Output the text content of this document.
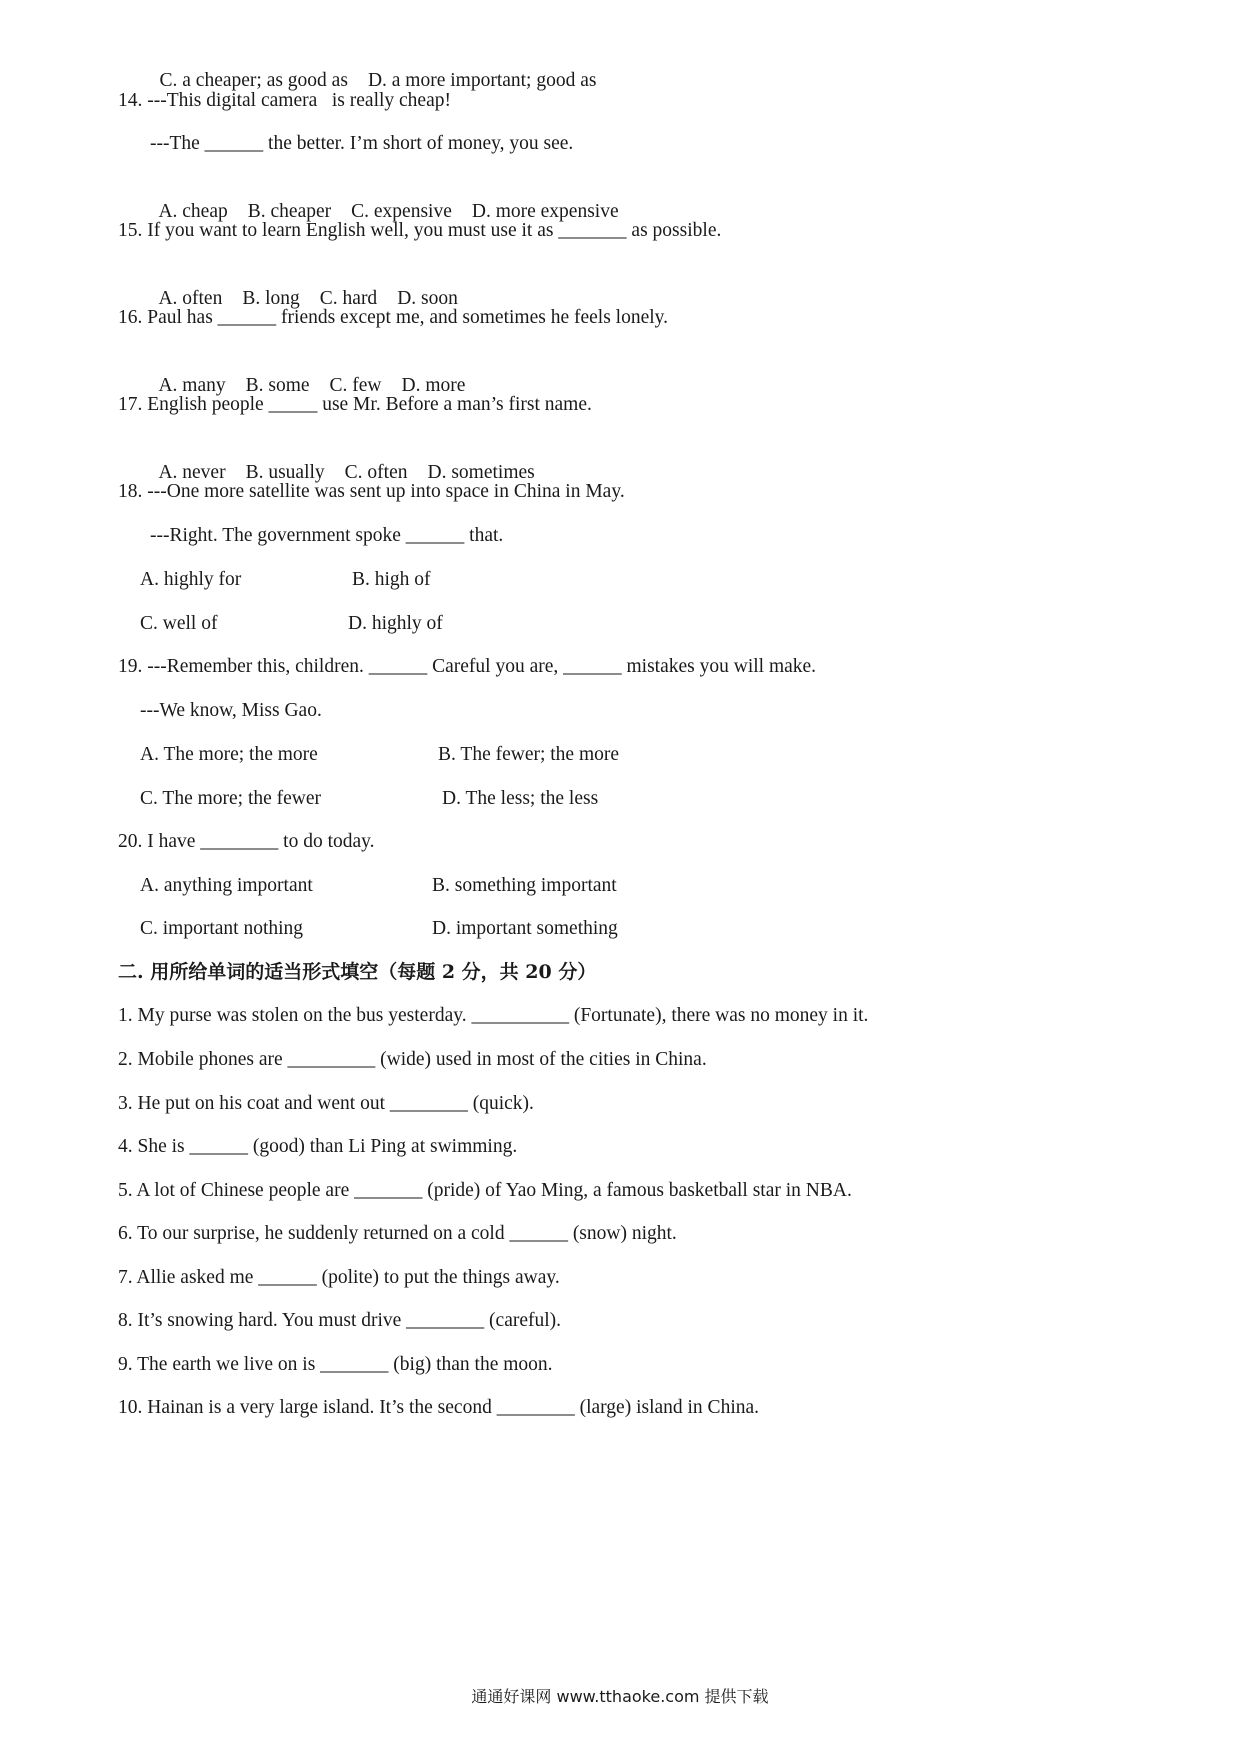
C. a cheaper; as good as D. a more important; good as

14. ---This digital camera   is really cheap!
---The ______ the better. I’m short of money, you see.

A. cheap B. cheaper C. expensive D. more expensive

15. If you want to learn English well, you must use it as _______ as possible.

A. often B. long C. hard D. soon

16. Paul has ______ friends except me, and sometimes he feels lonely.

A. many B. some C. few D. more

17. English people _____ use Mr. Before a man’s first name.

A. never B. usually C. often D. sometimes

18. ---One more satellite was sent up into space in China in May.
---Right. The government spoke ______ that.
A. highly for	B. high of
C. well of	D. highly of
19. ---Remember this, children. ______ Careful you are, ______ mistakes you will make.
---We know, Miss Gao.
A. The more; the more	B. The fewer; the more
C. The more; the fewer	D. The less; the less
20. I have ________ to do today.
A. anything important	B. something important
C. important nothing	D. important something
二. 用所给单词的适当形式填空（每题 2 分，共 20 分）
1. My purse was stolen on the bus yesterday. __________ (Fortunate), there was no money in it.
2. Mobile phones are _________ (wide) used in most of the cities in China.
3. He put on his coat and went out ________ (quick).
4. She is ______ (good) than Li Ping at swimming.
5. A lot of Chinese people are _______ (pride) of Yao Ming, a famous basketball star in NBA.
6. To our surprise, he suddenly returned on a cold ______ (snow) night.
7. Allie asked me ______ (polite) to put the things away.
8. It’s snowing hard. You must drive ________ (careful).
9. The earth we live on is _______ (big) than the moon.
10. Hainan is a very large island. It’s the second ________ (large) island in China.
通通好课网 www.tthaoke.com 提供下载
